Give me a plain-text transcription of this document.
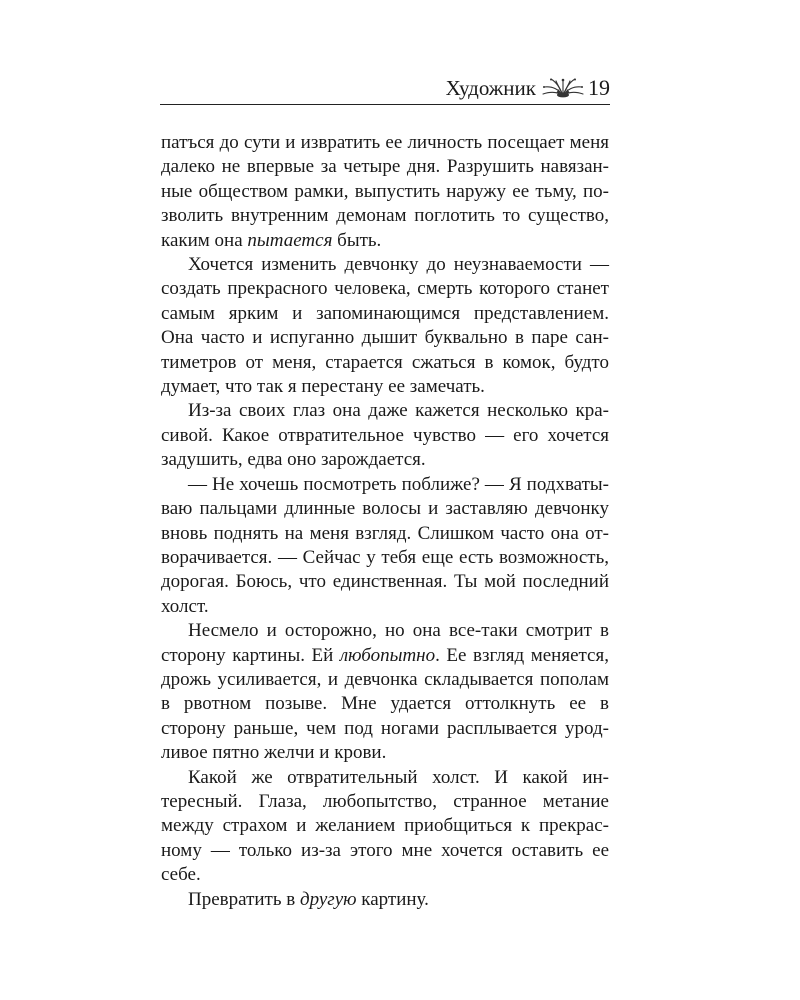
Художник 19

патъся до сути и извратить ее личность посещает меня далеко не впервые за четыре дня. Разрушить навязанные обществом рамки, выпустить наружу ее тьму, позволить внутренним демонам поглотить то существо, каким она пытается быть.

Хочется изменить девчонку до неузнаваемости — создать прекрасного человека, смерть которого станет самым ярким и запоминающимся представлением. Она часто и испуганно дышит буквально в паре сантиметров от меня, старается сжаться в комок, будто думает, что так я перестану ее замечать.

Из-за своих глаз она даже кажется несколько красивой. Какое отвратительное чувство — его хочется задушить, едва оно зарождается.

— Не хочешь посмотреть поближе? — Я подхватываю пальцами длинные волосы и заставляю девчонку вновь поднять на меня взгляд. Слишком часто она отворачивается. — Сейчас у тебя еще есть возможность, дорогая. Боюсь, что единственная. Ты мой последний холст.

Несмело и осторожно, но она все-таки смотрит в сторону картины. Ей любопытно. Ее взгляд меняется, дрожь усиливается, и девчонка складывается пополам в рвотном позыве. Мне удается оттолкнуть ее в сторону раньше, чем под ногами расплывается уродливое пятно желчи и крови.

Какой же отвратительный холст. И какой интересный. Глаза, любопытство, странное метание между страхом и желанием приобщиться к прекрасному — только из-за этого мне хочется оставить ее себе.

Превратить в другую картину.
